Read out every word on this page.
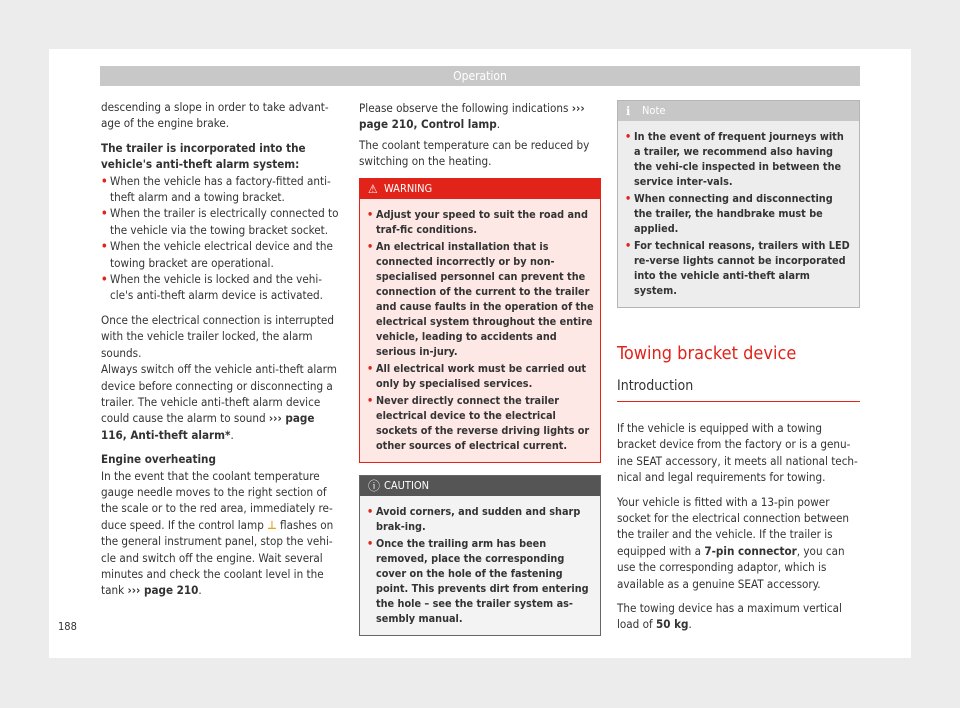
Operation

descending a slope in order to take advant-age of the engine brake.

The trailer is incorporated into the vehicle's anti-theft alarm system:

• When the vehicle has a factory-fitted anti-theft alarm and a towing bracket.
• When the trailer is electrically connected to the vehicle via the towing bracket socket.
• When the vehicle electrical device and the towing bracket are operational.
• When the vehicle is locked and the vehi-cle's anti-theft alarm device is activated.

Once the electrical connection is interrupted with the vehicle trailer locked, the alarm sounds.

Always switch off the vehicle anti-theft alarm device before connecting or disconnecting a trailer. The vehicle anti-theft alarm device could cause the alarm to sound ››› page 116, Anti-theft alarm*.

Engine overheating

In the event that the coolant temperature gauge needle moves to the right section of the scale or to the red area, immediately re-duce speed. If the control lamp ⊥ flashes on the general instrument panel, stop the vehi-cle and switch off the engine. Wait several minutes and check the coolant level in the tank ››› page 210.

Please observe the following indications ››› page 210, Control lamp.

The coolant temperature can be reduced by switching on the heating.

⚠ WARNING
• Adjust your speed to suit the road and traf-fic conditions.
• An electrical installation that is connected incorrectly or by non-specialised personnel can prevent the connection of the current to the trailer and cause faults in the operation of the electrical system throughout the entire vehicle, leading to accidents and serious in-jury.
• All electrical work must be carried out only by specialised services.
• Never directly connect the trailer electrical device to the electrical sockets of the reverse driving lights or other sources of electrical current.
ⓘ CAUTION
• Avoid corners, and sudden and sharp brak-ing.
• Once the trailing arm has been removed, place the corresponding cover on the hole of the fastening point. This prevents dirt from entering the hole – see the trailer system as-sembly manual.
ℹ Note
• In the event of frequent journeys with a trailer, we recommend also having the vehi-cle inspected in between the service inter-vals.
• When connecting and disconnecting the trailer, the handbrake must be applied.
• For technical reasons, trailers with LED re-verse lights cannot be incorporated into the vehicle anti-theft alarm system.
Towing bracket device
Introduction

If the vehicle is equipped with a towing bracket device from the factory or is a genu-ine SEAT accessory, it meets all national tech-nical and legal requirements for towing.

Your vehicle is fitted with a 13-pin power socket for the electrical connection between the trailer and the vehicle. If the trailer is equipped with a 7-pin connector, you can use the corresponding adaptor, which is available as a genuine SEAT accessory.

The towing device has a maximum vertical load of 50 kg.

188
